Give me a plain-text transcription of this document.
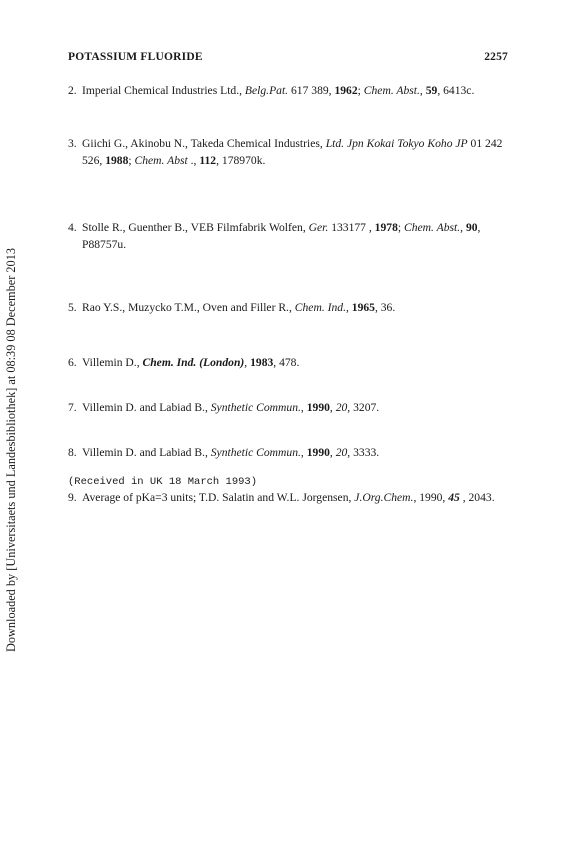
POTASSIUM FLUORIDE	2257
2. Imperial Chemical Industries Ltd., Belg.Pat. 617 389, 1962; Chem. Abst., 59, 6413c.
3. Giichi G., Akinobu N., Takeda Chemical Industries, Ltd. Jpn Kokai Tokyo Koho JP 01 242 526, 1988; Chem. Abst ., 112, 178970k.
4. Stolle R., Guenther B., VEB Filmfabrik Wolfen, Ger. 133177 , 1978; Chem. Abst., 90, P88757u.
5. Rao Y.S., Muzycko T.M., Oven and Filler R., Chem. Ind., 1965, 36.
6. Villemin D., Chem. Ind. (London), 1983, 478.
7. Villemin D. and Labiad B., Synthetic Commun., 1990, 20, 3207.
8. Villemin D. and Labiad B., Synthetic Commun., 1990, 20, 3333.
9. Average of pKa=3 units; T.D. Salatin and W.L. Jorgensen, J.Org.Chem., 1990, 45 , 2043.
(Received in UK 18 March 1993)
Downloaded by [Universitaets und Landesbibliothek] at 08:39 08 December 2013
